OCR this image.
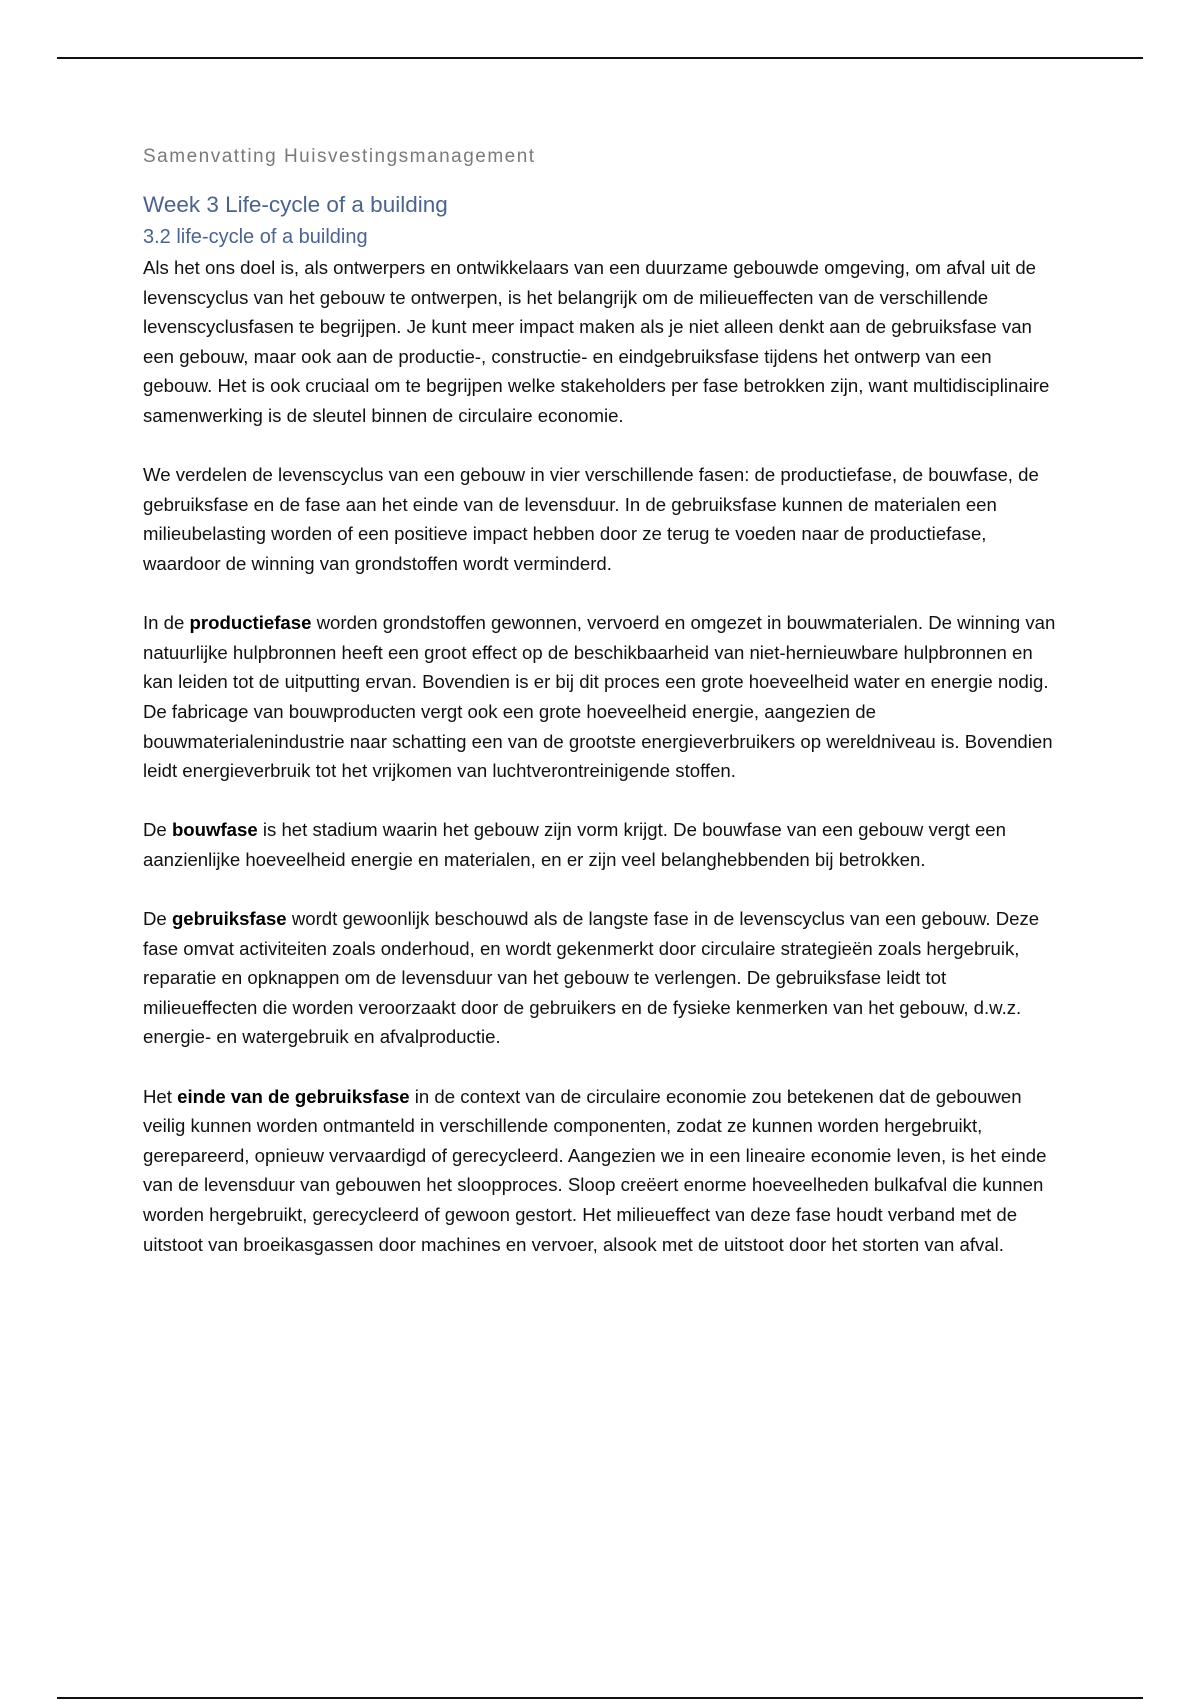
Samenvatting Huisvestingsmanagement
Week 3 Life-cycle of a building
3.2 life-cycle of a building

Als het ons doel is, als ontwerpers en ontwikkelaars van een duurzame gebouwde omgeving, om afval uit de levenscyclus van het gebouw te ontwerpen, is het belangrijk om de milieueffecten van de verschillende levenscyclusfasen te begrijpen. Je kunt meer impact maken als je niet alleen denkt aan de gebruiksfase van een gebouw, maar ook aan de productie-, constructie- en eindgebruiksfase tijdens het ontwerp van een gebouw. Het is ook cruciaal om te begrijpen welke stakeholders per fase betrokken zijn, want multidisciplinaire samenwerking is de sleutel binnen de circulaire economie.

We verdelen de levenscyclus van een gebouw in vier verschillende fasen: de productiefase, de bouwfase, de gebruiksfase en de fase aan het einde van de levensduur. In de gebruiksfase kunnen de materialen een milieubelasting worden of een positieve impact hebben door ze terug te voeden naar de productiefase, waardoor de winning van grondstoffen wordt verminderd.

In de productiefase worden grondstoffen gewonnen, vervoerd en omgezet in bouwmaterialen. De winning van natuurlijke hulpbronnen heeft een groot effect op de beschikbaarheid van niet-hernieuwbare hulpbronnen en kan leiden tot de uitputting ervan. Bovendien is er bij dit proces een grote hoeveelheid water en energie nodig. De fabricage van bouwproducten vergt ook een grote hoeveelheid energie, aangezien de bouwmaterialenindustrie naar schatting een van de grootste energieverbruikers op wereldniveau is. Bovendien leidt energieverbruik tot het vrijkomen van luchtverontreinigende stoffen.

De bouwfase is het stadium waarin het gebouw zijn vorm krijgt. De bouwfase van een gebouw vergt een aanzienlijke hoeveelheid energie en materialen, en er zijn veel belanghebbenden bij betrokken.

De gebruiksfase wordt gewoonlijk beschouwd als de langste fase in de levenscyclus van een gebouw. Deze fase omvat activiteiten zoals onderhoud, en wordt gekenmerkt door circulaire strategieën zoals hergebruik, reparatie en opknappen om de levensduur van het gebouw te verlengen. De gebruiksfase leidt tot milieueffecten die worden veroorzaakt door de gebruikers en de fysieke kenmerken van het gebouw, d.w.z. energie- en watergebruik en afvalproductie.

Het einde van de gebruiksfase in de context van de circulaire economie zou betekenen dat de gebouwen veilig kunnen worden ontmanteld in verschillende componenten, zodat ze kunnen worden hergebruikt, gerepareerd, opnieuw vervaardigd of gerecycleerd. Aangezien we in een lineaire economie leven, is het einde van de levensduur van gebouwen het sloopproces. Sloop creëert enorme hoeveelheden bulkafval die kunnen worden hergebruikt, gerecycleerd of gewoon gestort. Het milieueffect van deze fase houdt verband met de uitstoot van broeikasgassen door machines en vervoer, alsook met de uitstoot door het storten van afval.
